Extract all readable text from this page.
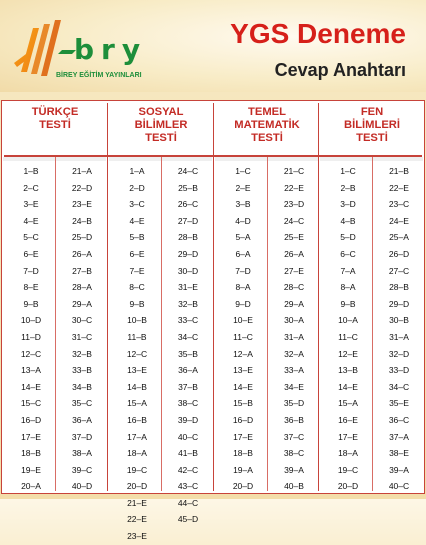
bry
BİREY EĞİTİM YAYINLARI
YGS Deneme
Cevap Anahtarı
TÜRKÇE
TESTİ
SOSYAL
BİLİMLER
TESTİ
TEMEL
MATEMATİK
TESTİ
FEN
BİLİMLERİ
TESTİ
1–B
2–C
3–E
4–E
5–C
6–E
7–D
8–E
9–B
10–D
11–D
12–C
13–A
14–E
15–C
16–D
17–E
18–B
19–E
20–A
21–A
22–D
23–E
24–B
25–D
26–A
27–B
28–A
29–A
30–C
31–C
32–B
33–B
34–B
35–C
36–A
37–D
38–A
39–C
40–D
1–A
2–D
3–C
4–E
5–B
6–E
7–E
8–C
9–B
10–B
11–B
12–C
13–E
14–B
15–A
16–B
17–A
18–A
19–C
20–D
21–E
22–E
23–E
24–C
25–B
26–C
27–D
28–B
29–D
30–D
31–E
32–B
33–C
34–C
35–B
36–A
37–B
38–C
39–D
40–C
41–B
42–C
43–C
44–C
45–D
1–C
2–E
3–B
4–D
5–A
6–A
7–D
8–A
9–D
10–E
11–C
12–A
13–E
14–E
15–B
16–D
17–E
18–B
19–A
20–D
21–C
22–E
23–D
24–C
25–E
26–A
27–E
28–C
29–A
30–A
31–A
32–A
33–A
34–E
35–D
36–B
37–C
38–C
39–A
40–B
1–C
2–B
3–D
4–B
5–D
6–C
7–A
8–A
9–B
10–A
11–C
12–E
13–B
14–E
15–A
16–E
17–E
18–A
19–C
20–D
21–B
22–E
23–C
24–E
25–A
26–D
27–C
28–B
29–D
30–B
31–A
32–D
33–D
34–C
35–E
36–C
37–A
38–E
39–A
40–C
